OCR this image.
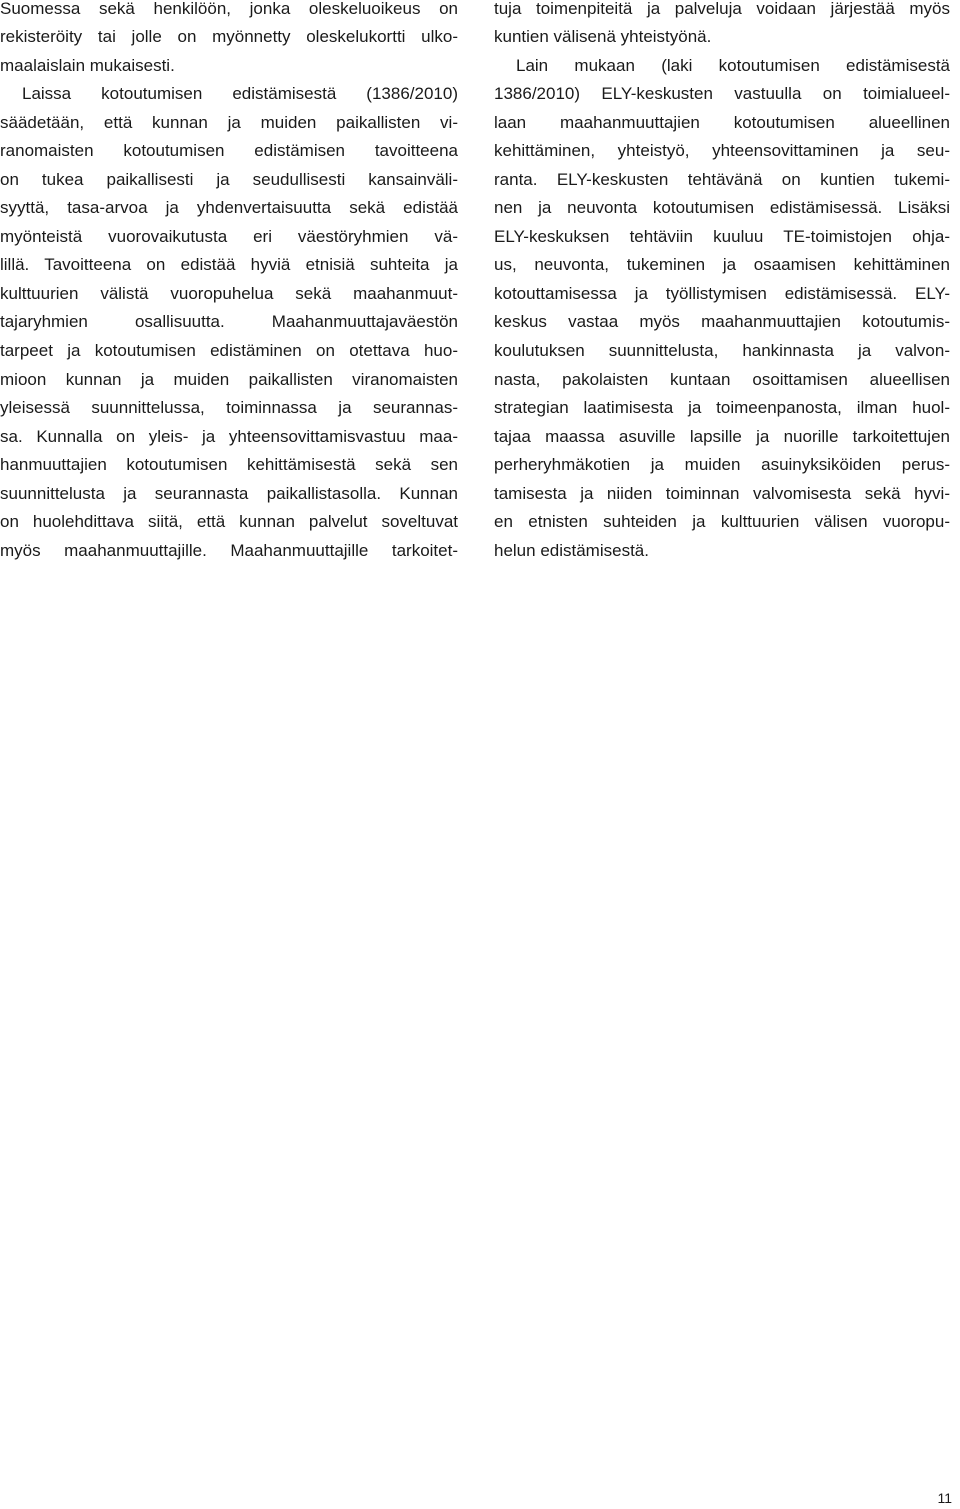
Suomessa sekä henkilöön, jonka oleskeluoikeus on
rekisteröity tai jolle on myönnetty oleskelukortti ulko-
maalaislain mukaisesti.
Laissa kotoutumisen edistämisestä (1386/2010)
säädetään, että kunnan ja muiden paikallisten vi-
ranomaisten kotoutumisen edistämisen tavoitteena
on tukea paikallisesti ja seudullisesti kansainväli-
syyttä, tasa-arvoa ja yhdenvertaisuutta sekä edistää
myönteistä vuorovaikutusta eri väestöryhmien vä-
lillä. Tavoitteena on edistää hyviä etnisiä suhteita ja
kulttuurien välistä vuoropuhelua sekä maahanmuut-
tajaryhmien osallisuutta. Maahanmuuttajaväestön
tarpeet ja kotoutumisen edistäminen on otettava huo-
mioon kunnan ja muiden paikallisten viranomaisten
yleisessä suunnittelussa, toiminnassa ja seurannas-
sa. Kunnalla on yleis- ja yhteensovittamisvastuu maa-
hanmuuttajien kotoutumisen kehittämisestä sekä sen
suunnittelusta ja seurannasta paikallistasolla. Kunnan
on huolehdittava siitä, että kunnan palvelut soveltuvat
myös maahanmuuttajille. Maahanmuuttajille tarkoitet-
tuja toimenpiteitä ja palveluja voidaan järjestää myös
kuntien välisenä yhteistyönä.
Lain mukaan (laki kotoutumisen edistämisestä
1386/2010) ELY-keskusten vastuulla on toimialueel-
laan maahanmuuttajien kotoutumisen alueellinen
kehittäminen, yhteistyö, yhteensovittaminen ja seu-
ranta. ELY-keskusten tehtävänä on kuntien tukemi-
nen ja neuvonta kotoutumisen edistämisessä. Lisäksi
ELY-keskuksen tehtäviin kuuluu TE-toimistojen ohja-
us, neuvonta, tukeminen ja osaamisen kehittäminen
kotouttamisessa ja työllistymisen edistämisessä. ELY-
keskus vastaa myös maahanmuuttajien kotoutumis-
koulutuksen suunnittelusta, hankinnasta ja valvon-
nasta, pakolaisten kuntaan osoittamisen alueellisen
strategian laatimisesta ja toimeenpanosta, ilman huol-
tajaa maassa asuville lapsille ja nuorille tarkoitettujen
perheryhmäkotien ja muiden asuinyksiköiden perus-
tamisesta ja niiden toiminnan valvomisesta sekä hyvi-
en etnisten suhteiden ja kulttuurien välisen vuoropu-
helun edistämisestä.
11
